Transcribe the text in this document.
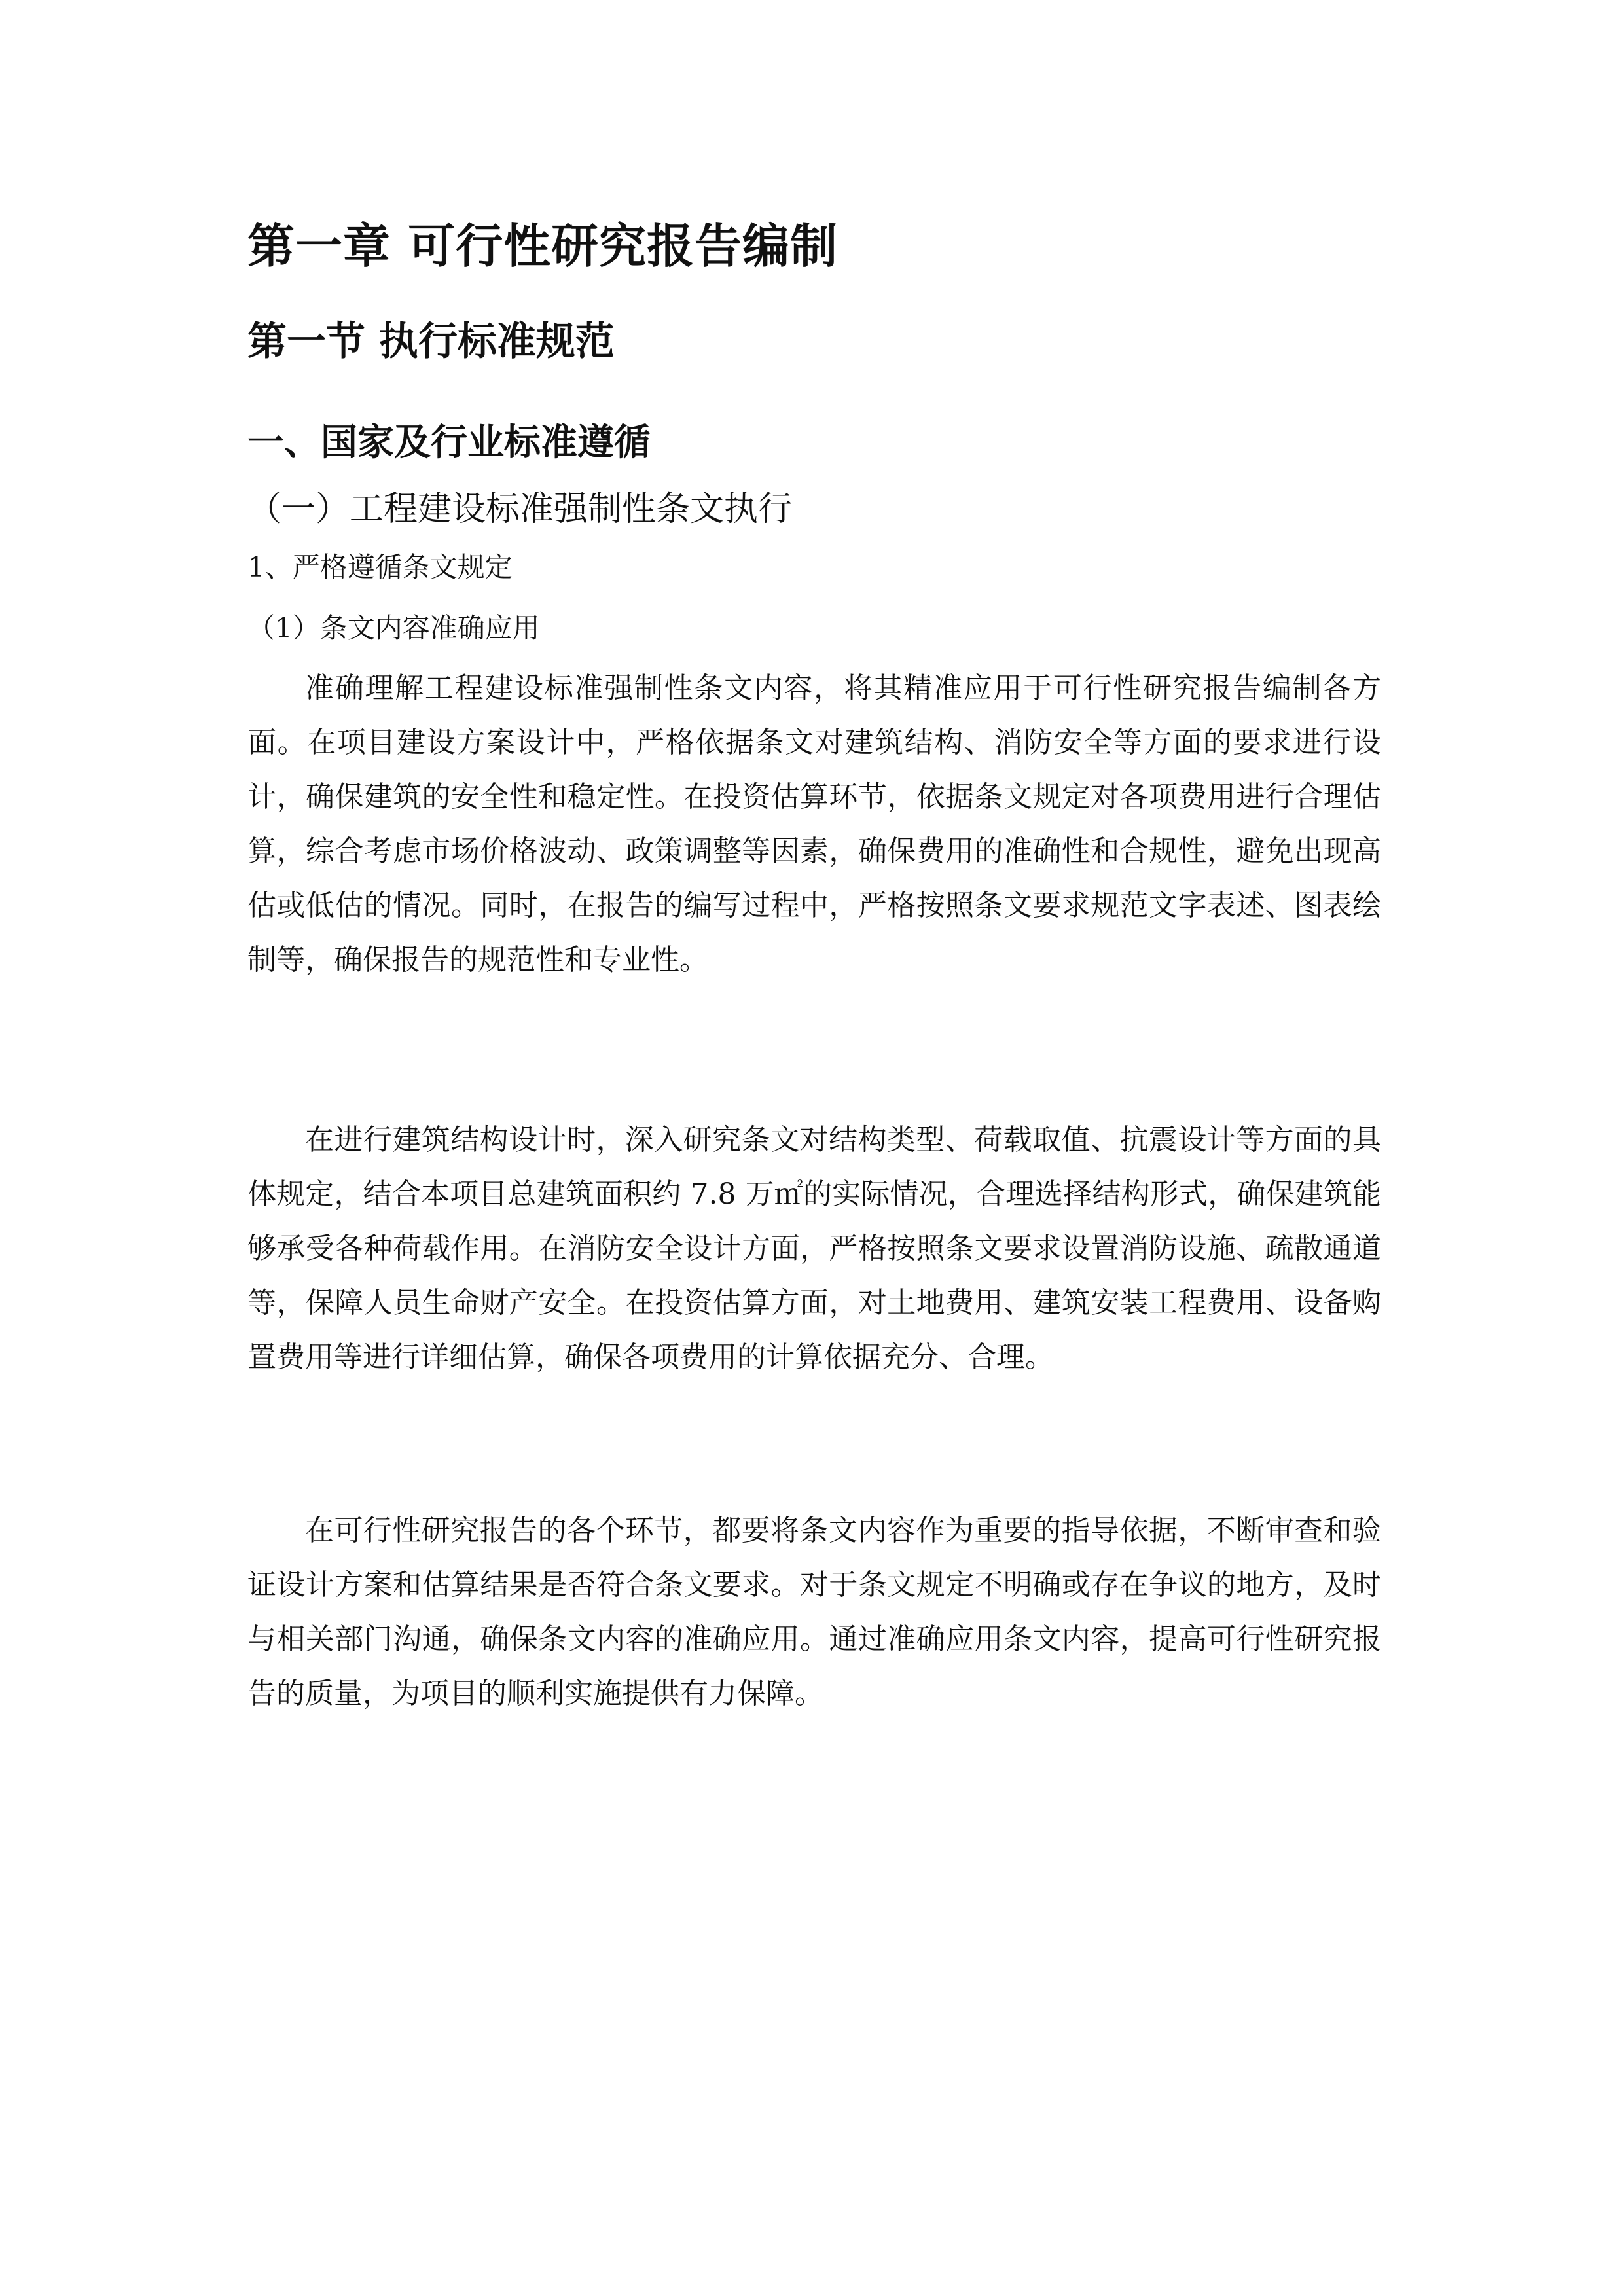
第一章 可行性研究报告编制
第一节 执行标准规范
一、国家及行业标准遵循
（一）工程建设标准强制性条文执行

1、严格遵循条文规定

（1）条文内容准确应用

准确理解工程建设标准强制性条文内容，将其精准应用于可行性研究报告编制各方面。在项目建设方案设计中，严格依据条文对建筑结构、消防安全等方面的要求进行设计，确保建筑的安全性和稳定性。在投资估算环节，依据条文规定对各项费用进行合理估算，综合考虑市场价格波动、政策调整等因素，确保费用的准确性和合规性，避免出现高估或低估的情况。同时，在报告的编写过程中，严格按照条文要求规范文字表述、图表绘制等，确保报告的规范性和专业性。

在进行建筑结构设计时，深入研究条文对结构类型、荷载取值、抗震设计等方面的具体规定，结合本项目总建筑面积约 7.8 万㎡的实际情况，合理选择结构形式，确保建筑能够承受各种荷载作用。在消防安全设计方面，严格按照条文要求设置消防设施、疏散通道等，保障人员生命财产安全。在投资估算方面，对土地费用、建筑安装工程费用、设备购置费用等进行详细估算，确保各项费用的计算依据充分、合理。

在可行性研究报告的各个环节，都要将条文内容作为重要的指导依据，不断审查和验证设计方案和估算结果是否符合条文要求。对于条文规定不明确或存在争议的地方，及时与相关部门沟通，确保条文内容的准确应用。通过准确应用条文内容，提高可行性研究报告的质量，为项目的顺利实施提供有力保障。
